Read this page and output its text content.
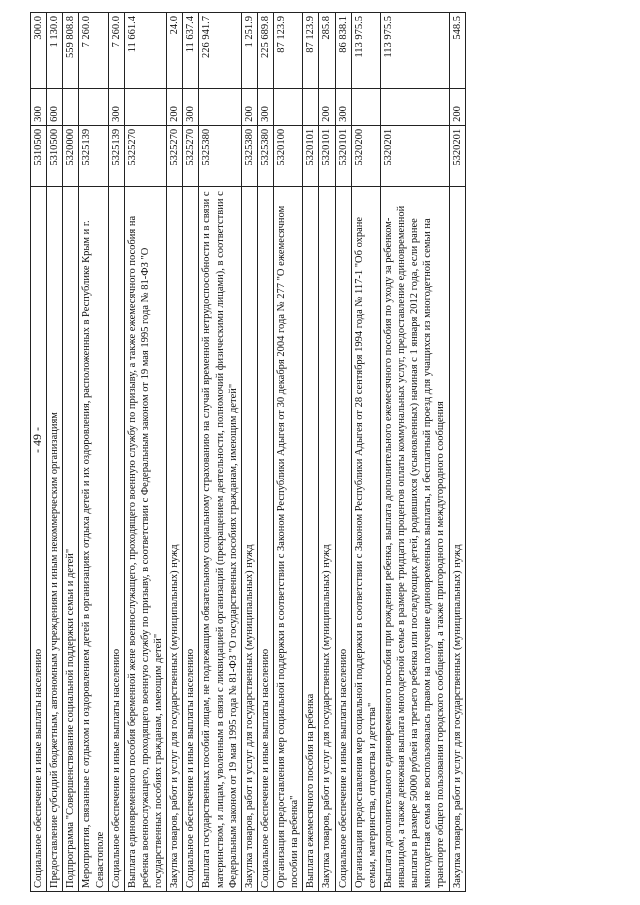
- 49 -
Социальное обеспечение и иные выплаты населению	5310500	300	300.0
Предоставление субсидий бюджетным, автономным учреждениям и иным некоммерческим организациям	5310500	600	1 130.0
Подпрограмма "Совершенствование социальной поддержки семьи и детей"	5320000		559 808.8
Мероприятия, связанные с отдыхом и оздоровлением детей в организациях отдыха детей и их оздоровления, расположенных в Республике Крым и г. Севастополе	5325139		7 260.0
Социальное обеспечение и иные выплаты населению	5325139	300	7 260.0
Выплата единовременного пособия беременной жене военнослужащего, проходящего военную службу по призыву, а также ежемесячного пособия на ребенка военнослужащего, проходящего военную службу по призыву, в соответствии с Федеральным законом от 19 мая 1995 года № 81-ФЗ "О государственных пособиях гражданам, имеющим детей"	5325270		11 661.4
Закупка товаров, работ и услуг для государственных (муниципальных) нужд	5325270	200	24.0
Социальное обеспечение и иные выплаты населению	5325270	300	11 637.4
Выплата государственных пособий лицам, не подлежащим обязательному социальному страхованию на случай временной нетрудоспособности и в связи с материнством, и лицам, уволенным в связи с ликвидацией организаций (прекращением деятельности, полномочий физическими лицами), в соответствии с Федеральным законом от 19 мая 1995 года № 81-ФЗ "О государственных пособиях гражданам, имеющим детей"	5325380		226 941.7
Закупка товаров, работ и услуг для государственных (муниципальных) нужд	5325380	200	1 251.9
Социальное обеспечение и иные выплаты населению	5325380	300	225 689.8
Организация предоставления мер социальной поддержки в соответствии с Законом Республики Адыгея от 30 декабря 2004 года № 277 "О ежемесячном пособии на ребенка"	5320100		87 123.9
Выплата ежемесячного пособия на ребенка	5320101		87 123.9
Закупка товаров, работ и услуг для государственных (муниципальных) нужд	5320101	200	285.8
Социальное обеспечение и иные выплаты населению	5320101	300	86 838.1
Организация предоставления мер социальной поддержки в соответствии с Законом Республики Адыгея от 28 сентября 1994 года № 117-1 "Об охране семьи, материнства, отцовства и детства"	5320200		113 975.5
Выплата дополнительного единовременного пособия при рождении ребенка, выплата дополнительного ежемесячного пособия по уходу за ребенком-инвалидом, а также денежная выплата многодетной семье в размере тридцати процентов оплаты коммунальных услуг, предоставление единовременной выплаты в размере 50000 рублей на третьего ребенка или последующих детей, родившихся (усыновленных) начиная с 1 января 2012 года, если ранее многодетная семья не воспользовалась правом на получение единовременных выплаты, и бесплатный проезд для учащихся из многодетной семьи на транспорте общего пользования городского сообщения, а также пригородного и междугородного сообщения	5320201		113 975.5
Закупка товаров, работ и услуг для государственных (муниципальных) нужд	5320201	200	548.5
